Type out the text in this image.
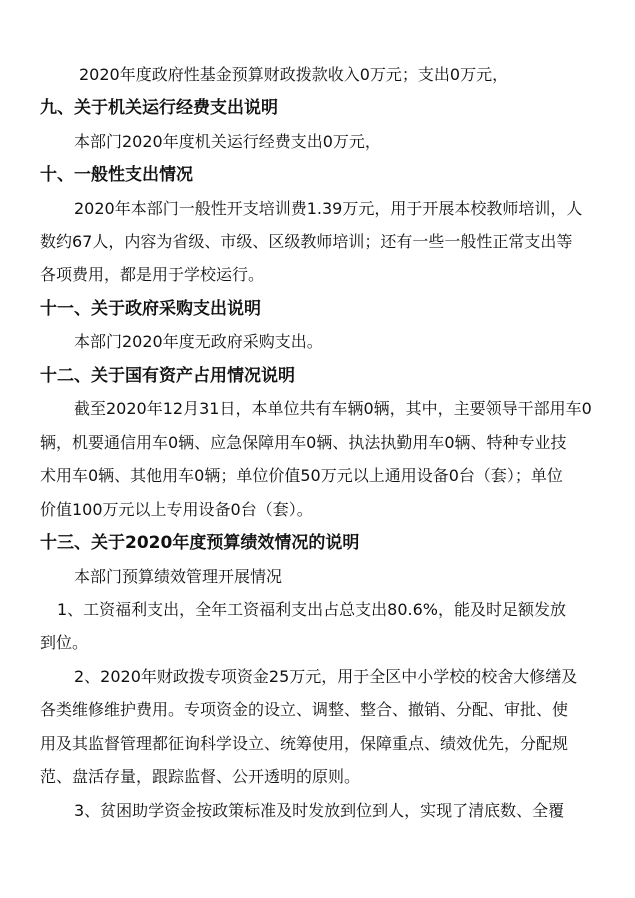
2020年度政府性基金预算财政拨款收入0万元；支出0万元，
九、关于机关运行经费支出说明
本部门2020年度机关运行经费支出0万元，
十、一般性支出情况
2020年本部门一般性开支培训费1.39万元，用于开展本校教师培训，人
数约67人，内容为省级、市级、区级教师培训；还有一些一般性正常支出等
各项费用，都是用于学校运行。
十一、关于政府采购支出说明
本部门2020年度无政府采购支出。
十二、关于国有资产占用情况说明
截至2020年12月31日，本单位共有车辆0辆，其中，主要领导干部用车0
辆，机要通信用车0辆、应急保障用车0辆、执法执勤用车0辆、特种专业技
术用车0辆、其他用车0辆；单位价值50万元以上通用设备0台（套）；单位
价值100万元以上专用设备0台（套）。
十三、关于2020年度预算绩效情况的说明
本部门预算绩效管理开展情况
1、工资福利支出，全年工资福利支出占总支出80.6%，能及时足额发放
到位。
2、2020年财政拨专项资金25万元，用于全区中小学校的校舍大修缮及
各类维修维护费用。专项资金的设立、调整、整合、撤销、分配、审批、使
用及其监督管理都征询科学设立、统筹使用，保障重点、绩效优先，分配规
范、盘活存量，跟踪监督、公开透明的原则。
3、贫困助学资金按政策标准及时发放到位到人，实现了清底数、全覆
